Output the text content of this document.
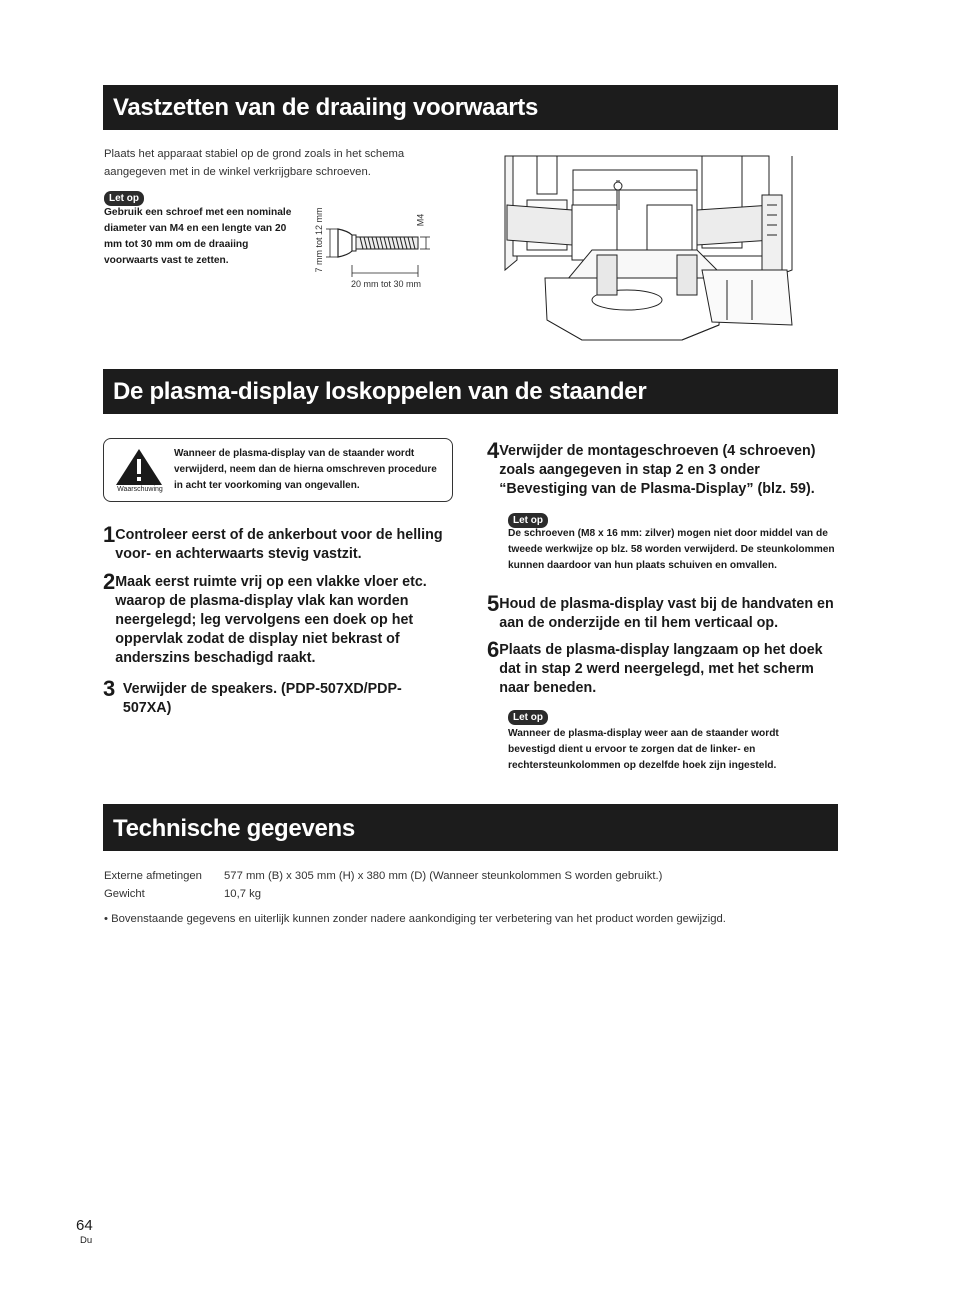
Vastzetten van de draaiing voorwaarts
Plaats het apparaat stabiel op de grond zoals in het schema aangegeven met in de winkel verkrijgbare schroeven.
Let op
Gebruik een schroef met een nominale diameter van M4 en een lengte van 20 mm tot 30 mm om de draaiing voorwaarts vast te zetten.	7 mm tot 12 mm	M4
20 mm tot 30 mm
De plasma-display loskoppelen van de staander
Waarschuwing
Wanneer de plasma-display van de staander wordt verwijderd, neem dan de hierna omschreven procedure in acht ter voorkoming van ongevallen.
1 Controleer eerst of de ankerbout voor de helling voor- en achterwaarts stevig vastzit.
2 Maak eerst ruimte vrij op een vlakke vloer etc. waarop de plasma-display vlak kan worden neergelegd; leg vervolgens een doek op het oppervlak zodat de display niet bekrast of anderszins beschadigd raakt.
3 Verwijder de speakers. (PDP-507XD/PDP-507XA)
4 Verwijder de montageschroeven (4 schroeven) zoals aangegeven in stap 2 en 3 onder “Bevestiging van de Plasma-Display” (blz. 59).
Let op
De schroeven (M8 x 16 mm: zilver) mogen niet door middel van de tweede werkwijze op blz. 58 worden verwijderd. De steunkolommen kunnen daardoor van hun plaats schuiven en omvallen.
5 Houd de plasma-display vast bij de handvaten en aan de onderzijde en til hem verticaal op.
6 Plaats de plasma-display langzaam op het doek dat in stap 2 werd neergelegd, met het scherm naar beneden.
Let op
Wanneer de plasma-display weer aan de staander wordt bevestigd dient u ervoor te zorgen dat de linker- en rechtersteunkolommen op dezelfde hoek zijn ingesteld.
Technische gegevens
Externe afmetingen 577 mm (B) x 305 mm (H) x 380 mm (D) (Wanneer steunkolommen S worden gebruikt.)
Gewicht	10,7 kg
• Bovenstaande gegevens en uiterlijk kunnen zonder nadere aankondiging ter verbetering van het product worden gewijzigd.
64
Du
